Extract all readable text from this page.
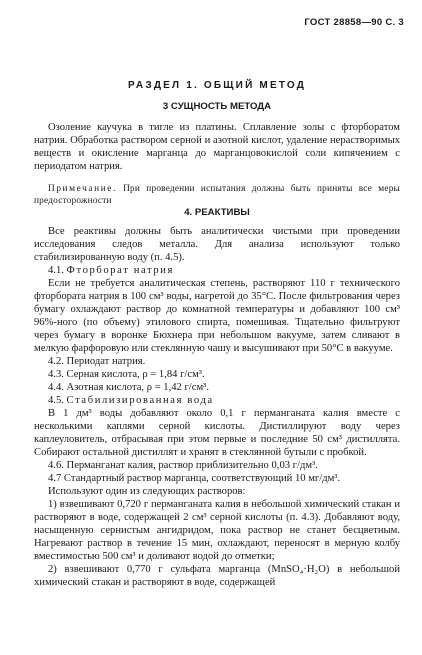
ГОСТ 28858—90 С. 3
РАЗДЕЛ 1. ОБЩИЙ МЕТОД
3 СУЩНОСТЬ МЕТОДА

Озоление каучука в тигле из платины. Сплавление золы с фторборатом натрия. Обработка раствором серной и азотной кислот, удаление нерастворимых веществ и окисление марганца до марганцовокислой соли кипячением с периодатом натрия.

Примечание. При проведении испытания должны быть приняты все меры предосторожности

4. РЕАКТИВЫ

Все реактивы должны быть аналитически чистыми при проведении исследования следов металла. Для анализа используют только стабилизированную воду (п. 4.5).

4.1. Фторборат натрия

Если не требуется аналитическая степень, растворяют 110 г технического фторбората натрия в 100 см³ воды, нагретой до 35°С. После фильтрования через бумагу охлаждают раствор до комнатной температуры и добавляют 100 см³ 96%-ного (по объему) этилового спирта, помешивая. Тщательно фильтруют через бумагу в воронке Бюхнера при небольшом вакууме, затем сливают в мелкую фарфоровую или стеклянную чашу и высушивают при 50°С в вакууме.

4.2. Периодат натрия.

4.3. Серная кислота, ρ = 1,84 г/см³.

4.4. Азотная кислота, ρ = 1,42 г/см³.

4.5. Стабилизированная вода

В 1 дм³ воды добавляют около 0,1 г перманганата калия вместе с несколькими каплями серной кислоты. Дистиллируют воду через каплеуловитель, отбрасывая при этом первые и последние 50 см³ дистиллята. Собирают остальной дистиллят и хранят в стеклянной бутыли с пробкой.

4.6. Перманганат калия, раствор приблизительно 0,03 г/дм³.

4.7 Стандартный раствор марганца, соответствующий 10 мг/дм³.

Используют один из следующих растворов:

1) взвешивают 0,720 г перманганата калия в небольшой химический стакан и растворяют в воде, содержащей 2 см³ серной кислоты (п. 4.3). Добавляют воду, насыщенную сернистым ангидридом, пока раствор не станет бесцветным. Нагревают раствор в течение 15 мин, охлаждают, переносят в мерную колбу вместимостью 500 см³ и доливают водой до отметки;

2) взвешивают 0,770 г сульфата марганца (MnSO₄·H₂O) в небольшой химический стакан и растворяют в воде, содержащей
